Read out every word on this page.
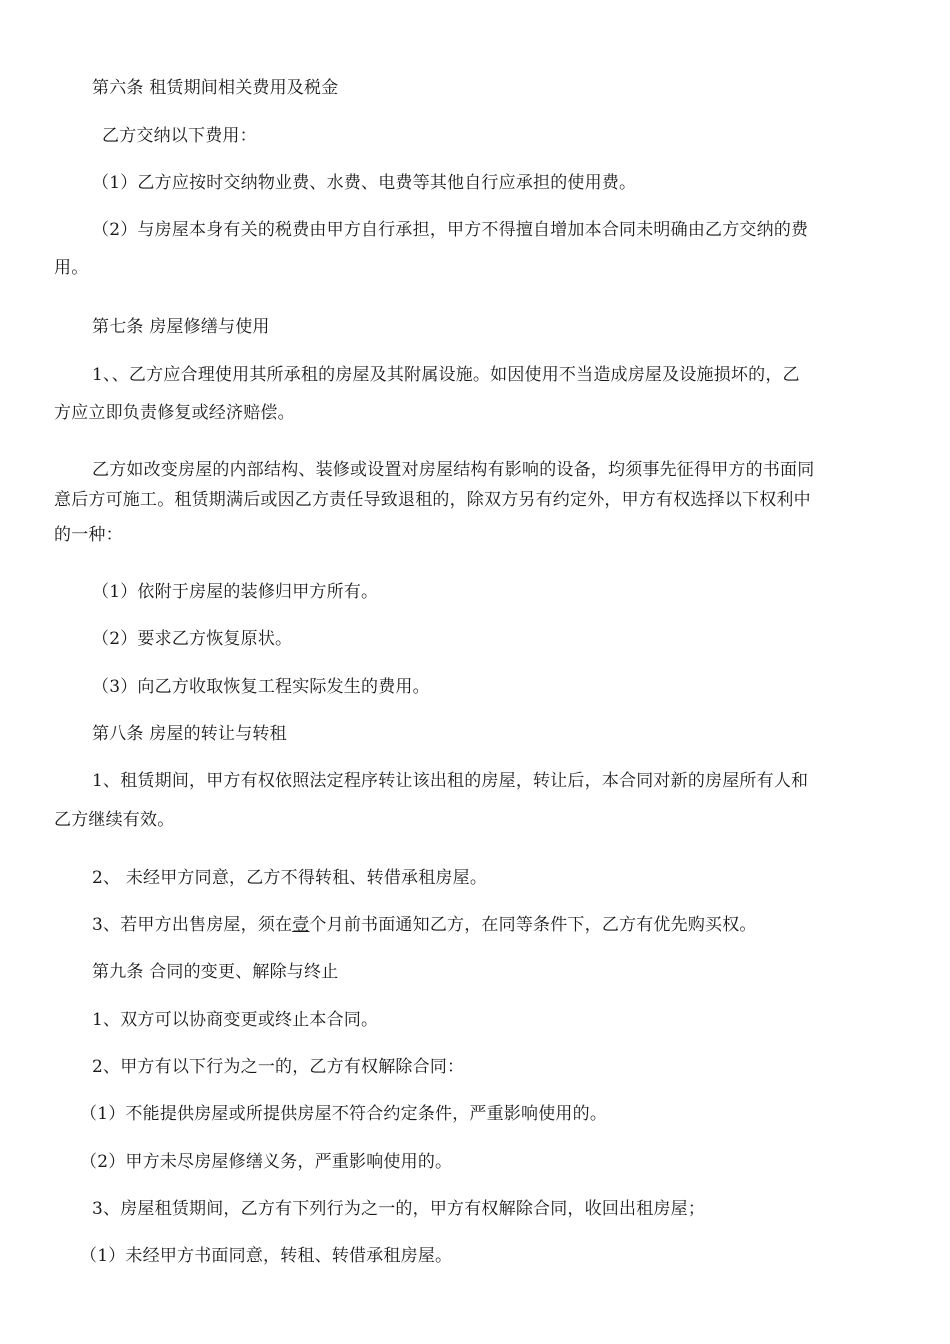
第六条 租赁期间相关费用及税金
乙方交纳以下费用：
（1）乙方应按时交纳物业费、水费、电费等其他自行应承担的使用费。
（2）与房屋本身有关的税费由甲方自行承担，甲方不得擅自增加本合同未明确由乙方交纳的费
用。
第七条 房屋修缮与使用
1、、乙方应合理使用其所承租的房屋及其附属设施。如因使用不当造成房屋及设施损坏的，乙
方应立即负责修复或经济赔偿。
乙方如改变房屋的内部结构、装修或设置对房屋结构有影响的设备，均须事先征得甲方的书面同
意后方可施工。租赁期满后或因乙方责任导致退租的，除双方另有约定外，甲方有权选择以下权利中
的一种：
（1）依附于房屋的装修归甲方所有。
（2）要求乙方恢复原状。
（3）向乙方收取恢复工程实际发生的费用。
第八条 房屋的转让与转租
1、租赁期间，甲方有权依照法定程序转让该出租的房屋，转让后，本合同对新的房屋所有人和
乙方继续有效。
2、 未经甲方同意，乙方不得转租、转借承租房屋。
3、若甲方出售房屋，须在壹个月前书面通知乙方，在同等条件下，乙方有优先购买权。
第九条 合同的变更、解除与终止
1、双方可以协商变更或终止本合同。
2、甲方有以下行为之一的，乙方有权解除合同：
（1）不能提供房屋或所提供房屋不符合约定条件，严重影响使用的。
（2）甲方未尽房屋修缮义务，严重影响使用的。
3、房屋租赁期间，乙方有下列行为之一的，甲方有权解除合同，收回出租房屋；
（1）未经甲方书面同意，转租、转借承租房屋。
